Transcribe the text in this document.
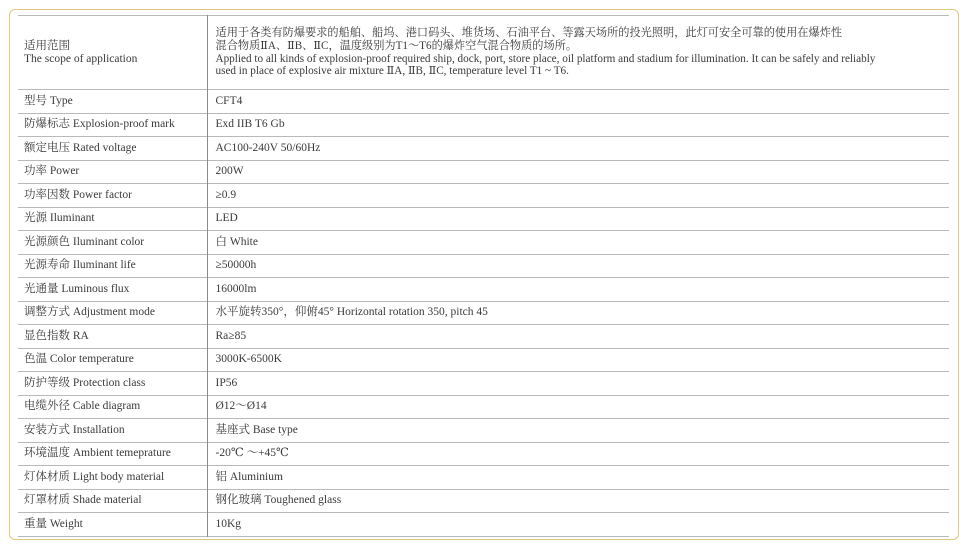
适用范围
The scope of application	适用于各类有防爆要求的船舶、船坞、港口码头、堆货场、石油平台、等露天场所的投光照明，此灯可安全可靠的使用在爆炸性
混合物质ⅡA、ⅡB、ⅡC，温度级别为T1～T6的爆炸空气混合物质的场所。
Applied to all kinds of explosion-proof required ship, dock, port, store place, oil platform and stadium for illumination. It can be safely and reliably
used in place of explosive air mixture ⅡA, ⅡB, ⅡC, temperature level T1 ~ T6.

型号 Type	CFT4
防爆标志 Explosion-proof mark	Exd IIB T6 Gb
额定电压 Rated voltage	AC100-240V 50/60Hz
功率 Power	200W
功率因数 Power factor	≥0.9
光源 Iluminant	LED
光源颜色 Iluminant color	白 White
光源寿命 Iluminant life	≥50000h
光通量 Luminous flux	16000lm
调整方式 Adjustment mode	水平旋转350°，仰俯45° Horizontal rotation 350, pitch 45
显色指数 RA	Ra≥85
色温 Color temperature	3000K-6500K
防护等级 Protection class	IP56
电缆外径 Cable diagram	Ø12～Ø14
安装方式 Installation	基座式 Base type
环境温度 Ambient temeprature	-20℃ ～+45℃
灯体材质 Light body material	铝 Aluminium
灯罩材质 Shade material	钢化玻璃 Toughened glass
重量 Weight	10Kg
